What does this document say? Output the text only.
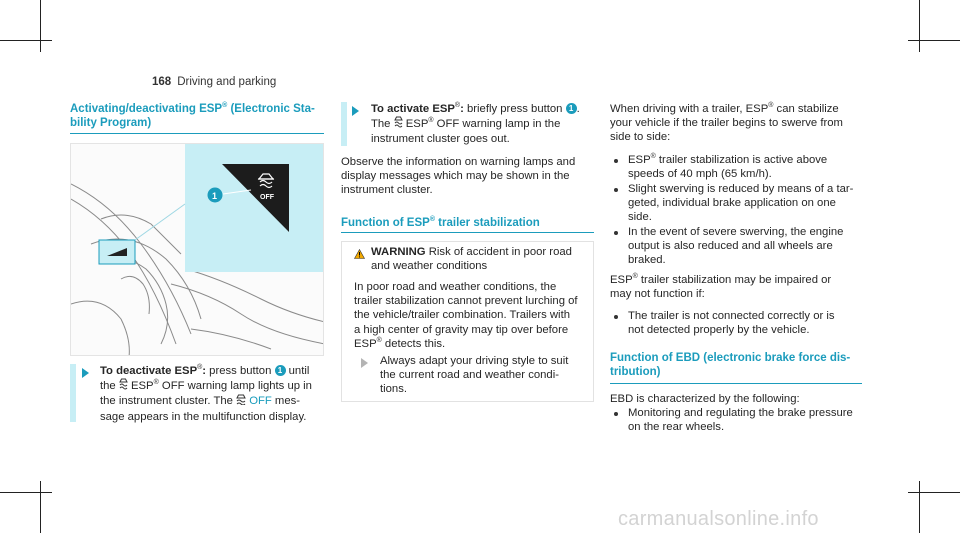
168 Driving and parking
Activating/deactivating ESP® (Electronic Sta-
bility Program)
OFF
1
To deactivate ESP®: press button 1 until
the  ESP® OFF warning lamp lights up in
the instrument cluster. The  OFF mes-
sage appears in the multifunction display.
To activate ESP®: briefly press button 1 .
The  ESP® OFF warning lamp in the
instrument cluster goes out.
Observe the information on warning lamps and
display messages which may be shown in the
instrument cluster.
Function of ESP® trailer stabilization
WARNING Risk of accident in poor road
and weather conditions
In poor road and weather conditions, the
trailer stabilization cannot prevent lurching of
the vehicle/trailer combination. Trailers with
a high center of gravity may tip over before
ESP® detects this.
Always adapt your driving style to suit
the current road and weather condi-
tions.
When driving with a trailer, ESP® can stabilize
your vehicle if the trailer begins to swerve from
side to side:
ESP® trailer stabilization is active above
speeds of 40 mph (65 km/h).
Slight swerving is reduced by means of a tar-
geted, individual brake application on one
side.
In the event of severe swerving, the engine
output is also reduced and all wheels are
braked.
ESP® trailer stabilization may be impaired or
may not function if:
The trailer is not connected correctly or is
not detected properly by the vehicle.
Function of EBD (electronic brake force dis-
tribution)
EBD is characterized by the following:
Monitoring and regulating the brake pressure
on the rear wheels.
carmanualsonline.info
